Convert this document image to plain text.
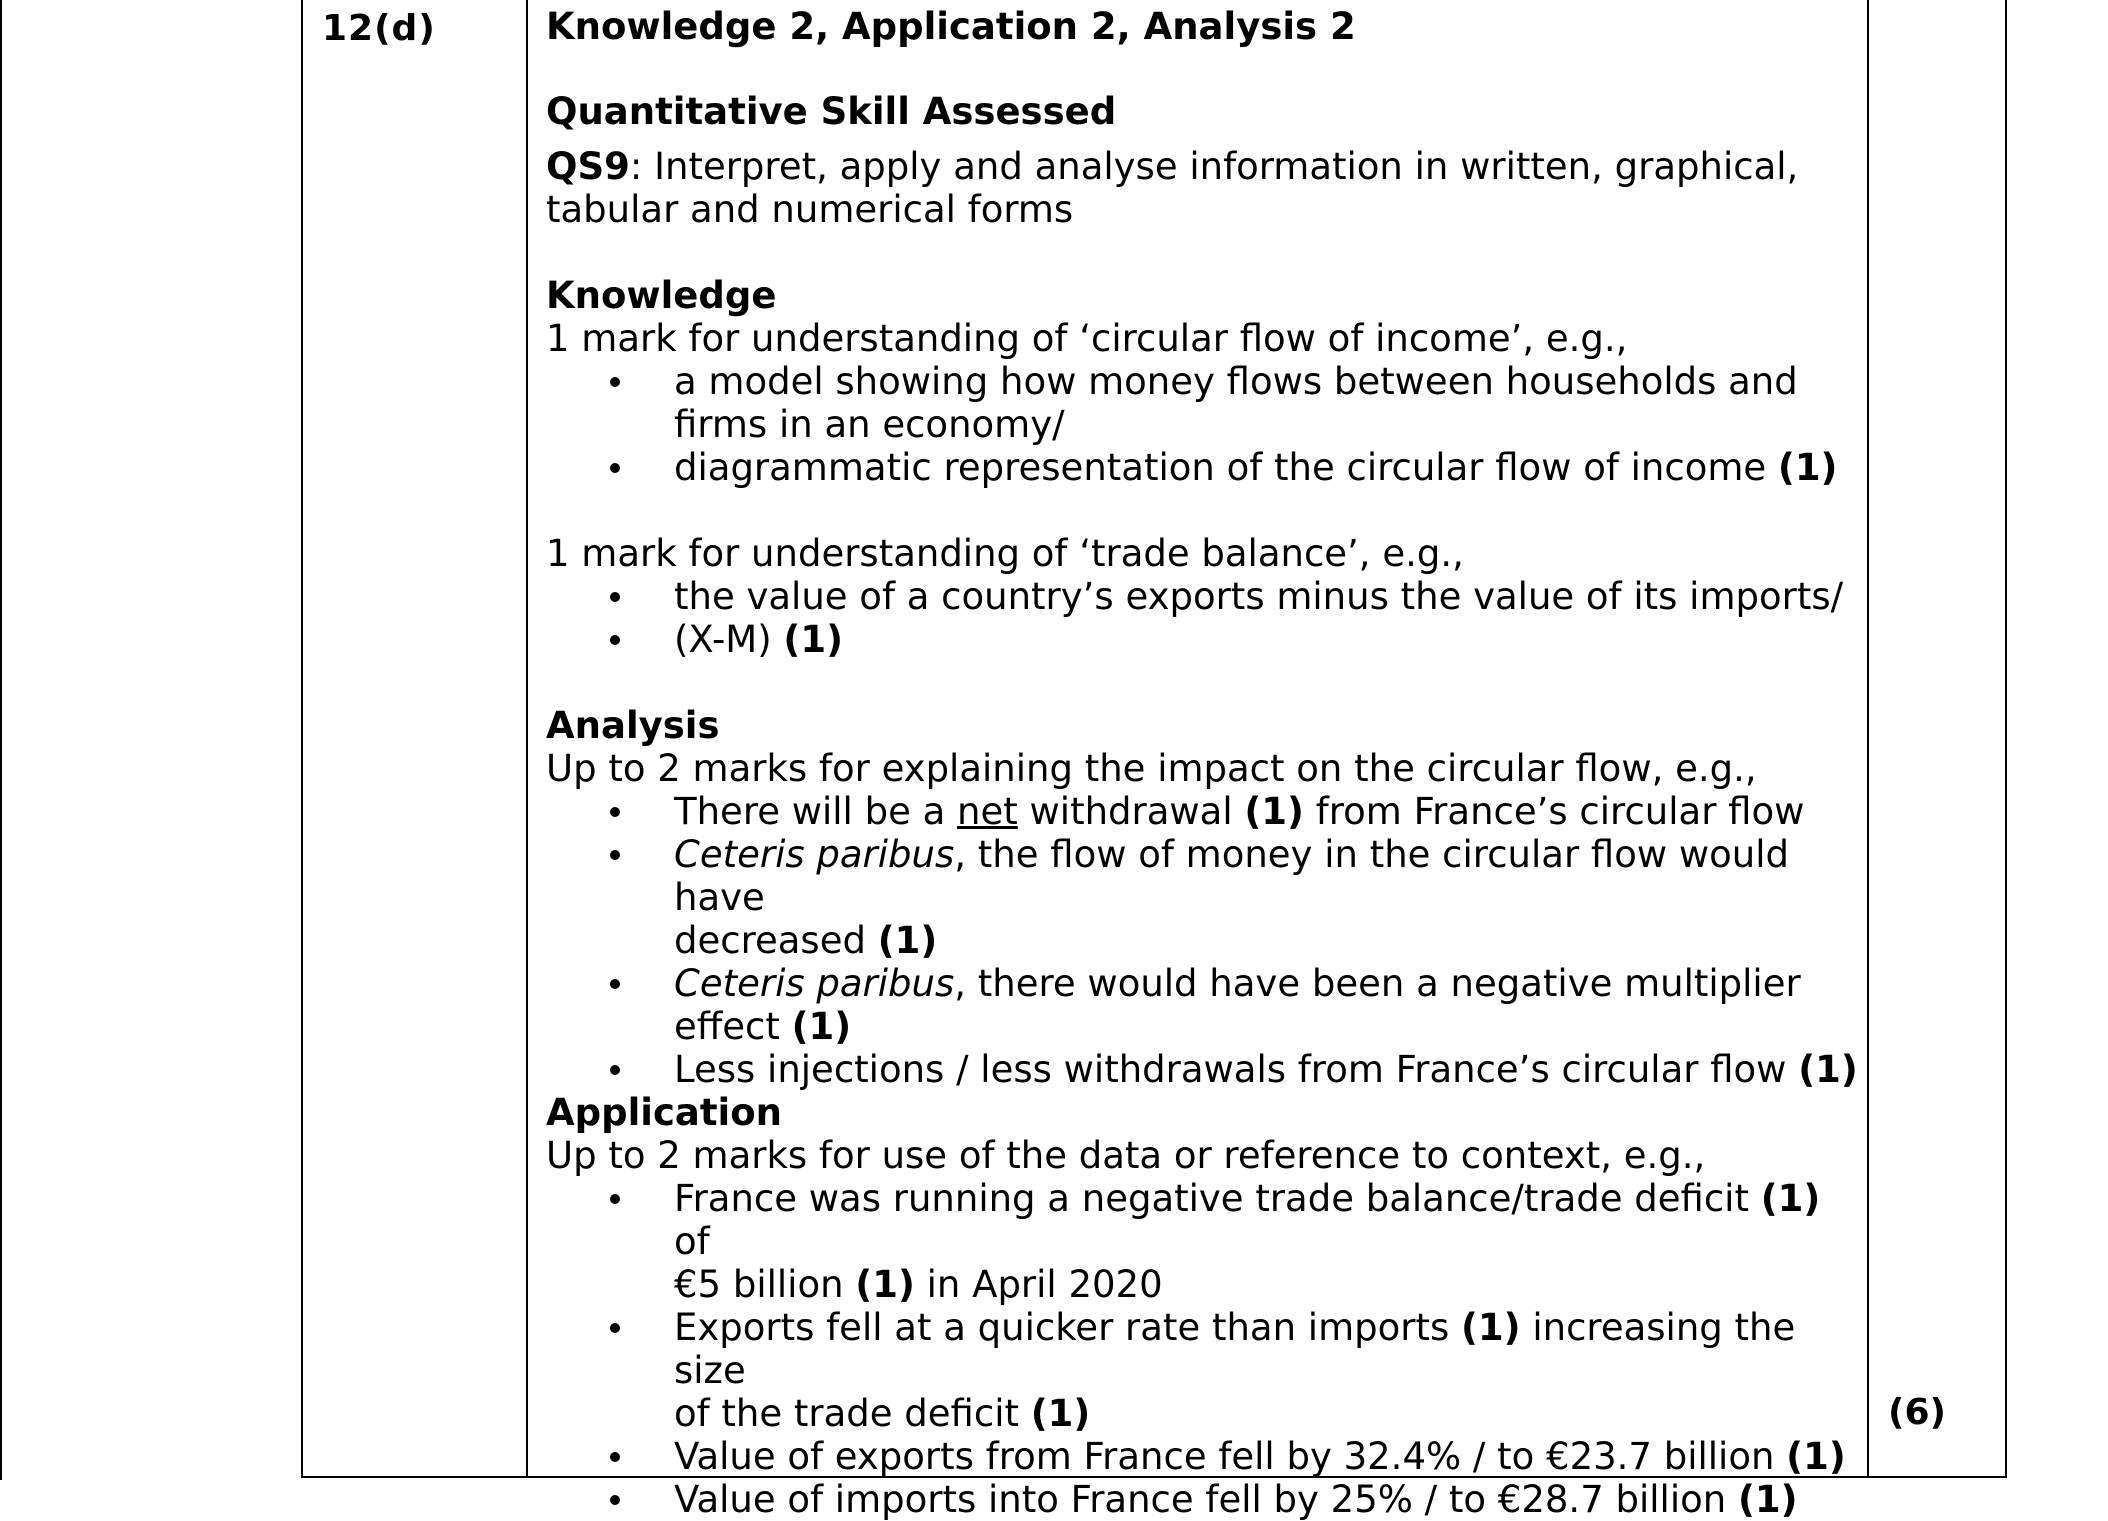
12(d)	Knowledge 2, Application 2, Analysis 2
Quantitative Skill Assessed
QS9: Interpret, apply and analyse information in written, graphical,
tabular and numerical forms
Knowledge
1 mark for understanding of ‘circular flow of income’, e.g.,
a model showing how money flows between households and
firms in an economy/
diagrammatic representation of the circular flow of income (1)
1 mark for understanding of ‘trade balance’, e.g.,
the value of a country’s exports minus the value of its imports/
(X-M) (1)
Analysis
Up to 2 marks for explaining the impact on the circular flow, e.g.,
There will be a net withdrawal (1) from France’s circular flow
Ceteris paribus, the flow of money in the circular flow would have
decreased (1)
Ceteris paribus, there would have been a negative multiplier
effect (1)
Less injections / less withdrawals from France’s circular flow (1)
Application
Up to 2 marks for use of the data or reference to context, e.g.,
France was running a negative trade balance/trade deficit (1) of
€5 billion (1) in April 2020
Exports fell at a quicker rate than imports (1) increasing the size
of the trade deficit (1)
Value of exports from France fell by 32.4% / to €23.7 billion (1)
Value of imports into France fell by 25% / to €28.7 billion (1)
(6)
